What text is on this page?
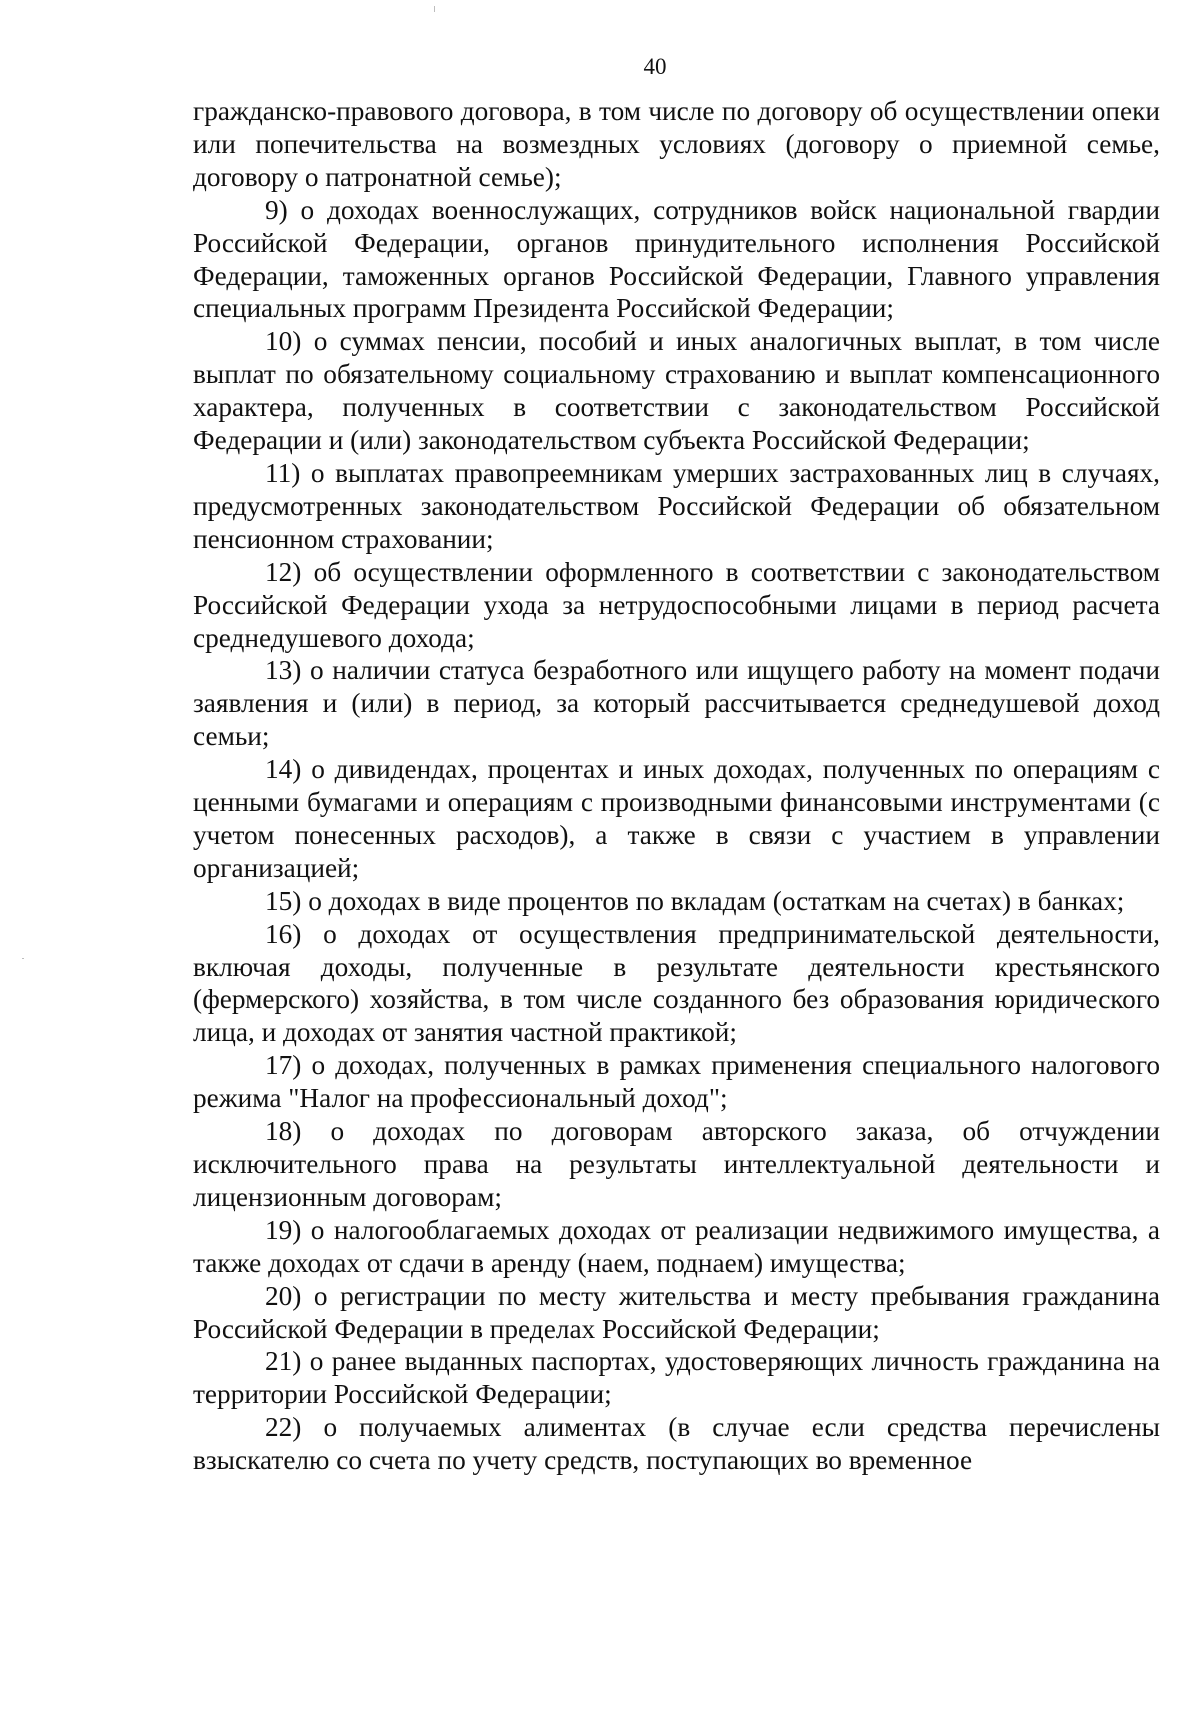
40

гражданско-правового договора, в том числе по договору об осуществлении опеки или попечительства на возмездных условиях (договору о приемной семье, договору о патронатной семье);

9) о доходах военнослужащих, сотрудников войск национальной гвардии Российской Федерации, органов принудительного исполнения Российской Федерации, таможенных органов Российской Федерации, Главного управления специальных программ Президента Российской Федерации;

10) о суммах пенсии, пособий и иных аналогичных выплат, в том числе выплат по обязательному социальному страхованию и выплат компенсационного характера, полученных в соответствии с законодательством Российской Федерации и (или) законодательством субъекта Российской Федерации;

11) о выплатах правопреемникам умерших застрахованных лиц в случаях, предусмотренных законодательством Российской Федерации об обязательном пенсионном страховании;

12) об осуществлении оформленного в соответствии с законодательством Российской Федерации ухода за нетрудоспособными лицами в период расчета среднедушевого дохода;

13) о наличии статуса безработного или ищущего работу на момент подачи заявления и (или) в период, за который рассчитывается среднедушевой доход семьи;

14) о дивидендах, процентах и иных доходах, полученных по операциям с ценными бумагами и операциям с производными финансовыми инструментами (с учетом понесенных расходов), а также в связи с участием в управлении организацией;

15) о доходах в виде процентов по вкладам (остаткам на счетах) в банках;

16) о доходах от осуществления предпринимательской деятельности, включая доходы, полученные в результате деятельности крестьянского (фермерского) хозяйства, в том числе созданного без образования юридического лица, и доходах от занятия частной практикой;

17) о доходах, полученных в рамках применения специального налогового режима "Налог на профессиональный доход";

18) о доходах по договорам авторского заказа, об отчуждении исключительного права на результаты интеллектуальной деятельности и лицензионным договорам;

19) о налогооблагаемых доходах от реализации недвижимого имущества, а также доходах от сдачи в аренду (наем, поднаем) имущества;

20) о регистрации по месту жительства и месту пребывания гражданина Российской Федерации в пределах Российской Федерации;

21) о ранее выданных паспортах, удостоверяющих личность гражданина на территории Российской Федерации;

22) о получаемых алиментах (в случае если средства перечислены взыскателю со счета по учету средств, поступающих во временное
